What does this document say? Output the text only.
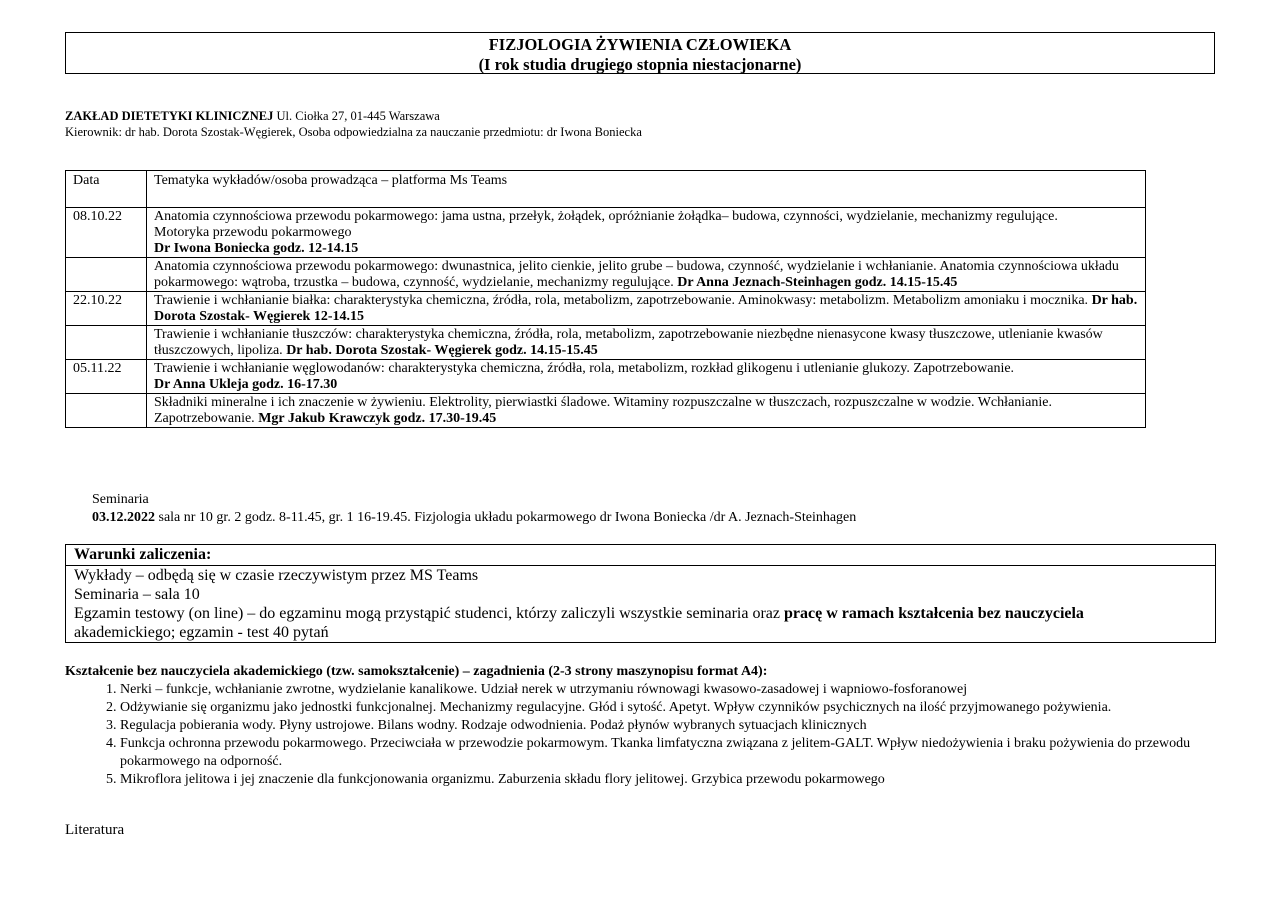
FIZJOLOGIA ŻYWIENIA CZŁOWIEKA
(I rok studia drugiego stopnia niestacjonarne)
ZAKŁAD DIETETYKI KLINICZNEJ Ul. Ciołka 27, 01-445 Warszawa
Kierownik: dr hab. Dorota Szostak-Węgierek, Osoba odpowiedzialna za nauczanie przedmiotu: dr Iwona Boniecka
Data	Tematyka wykładów/osoba prowadząca – platforma Ms Teams
08.10.22	Anatomia czynnościowa przewodu pokarmowego: jama ustna, przełyk, żołądek, opróżnianie żołądka– budowa, czynności, wydzielanie, mechanizmy regulujące.
Motoryka przewodu pokarmowego
Dr Iwona Boniecka godz. 12-14.15
	Anatomia czynnościowa przewodu pokarmowego: dwunastnica, jelito cienkie, jelito grube – budowa, czynność, wydzielanie i wchłanianie. Anatomia czynnościowa układu pokarmowego: wątroba, trzustka – budowa, czynność, wydzielanie, mechanizmy regulujące. Dr Anna Jeznach-Steinhagen godz. 14.15-15.45
22.10.22	Trawienie i wchłanianie białka: charakterystyka chemiczna, źródła, rola, metabolizm, zapotrzebowanie. Aminokwasy: metabolizm. Metabolizm amoniaku i mocznika. Dr hab. Dorota Szostak- Węgierek 12-14.15
	Trawienie i wchłanianie tłuszczów: charakterystyka chemiczna, źródła, rola, metabolizm, zapotrzebowanie niezbędne nienasycone kwasy tłuszczowe, utlenianie kwasów tłuszczowych, lipoliza. Dr hab. Dorota Szostak- Węgierek godz. 14.15-15.45
05.11.22	Trawienie i wchłanianie węglowodanów: charakterystyka chemiczna, źródła, rola, metabolizm, rozkład glikogenu i utlenianie glukozy. Zapotrzebowanie.
Dr Anna Ukleja godz. 16-17.30
	Składniki mineralne i ich znaczenie w żywieniu. Elektrolity, pierwiastki śladowe. Witaminy rozpuszczalne w tłuszczach, rozpuszczalne w wodzie. Wchłanianie. Zapotrzebowanie. Mgr Jakub Krawczyk godz. 17.30-19.45
Seminaria
03.12.2022 sala nr 10 gr. 2 godz. 8-11.45, gr. 1 16-19.45. Fizjologia układu pokarmowego dr Iwona Boniecka /dr A. Jeznach-Steinhagen
Warunki zaliczenia:
Wykłady – odbędą się w czasie rzeczywistym przez MS Teams
Seminaria – sala 10
Egzamin testowy (on line) – do egzaminu mogą przystąpić studenci, którzy zaliczyli wszystkie seminaria oraz pracę w ramach kształcenia bez nauczyciela
akademickiego; egzamin - test 40 pytań
Kształcenie bez nauczyciela akademickiego (tzw. samokształcenie) – zagadnienia (2-3 strony maszynopisu format A4):
1. Nerki – funkcje, wchłanianie zwrotne, wydzielanie kanalikowe. Udział nerek w utrzymaniu równowagi kwasowo-zasadowej i wapniowo-fosforanowej
2. Odżywianie się organizmu jako jednostki funkcjonalnej. Mechanizmy regulacyjne. Głód i sytość. Apetyt. Wpływ czynników psychicznych na ilość przyjmowanego pożywienia.
3. Regulacja pobierania wody. Płyny ustrojowe. Bilans wodny. Rodzaje odwodnienia. Podaż płynów wybranych sytuacjach klinicznych
4. Funkcja ochronna przewodu pokarmowego. Przeciwciała w przewodzie pokarmowym. Tkanka limfatyczna związana z jelitem-GALT. Wpływ niedożywienia i braku pożywienia do przewodu pokarmowego na odporność.
5. Mikroflora jelitowa i jej znaczenie dla funkcjonowania organizmu. Zaburzenia składu flory jelitowej. Grzybica przewodu pokarmowego
Literatura
